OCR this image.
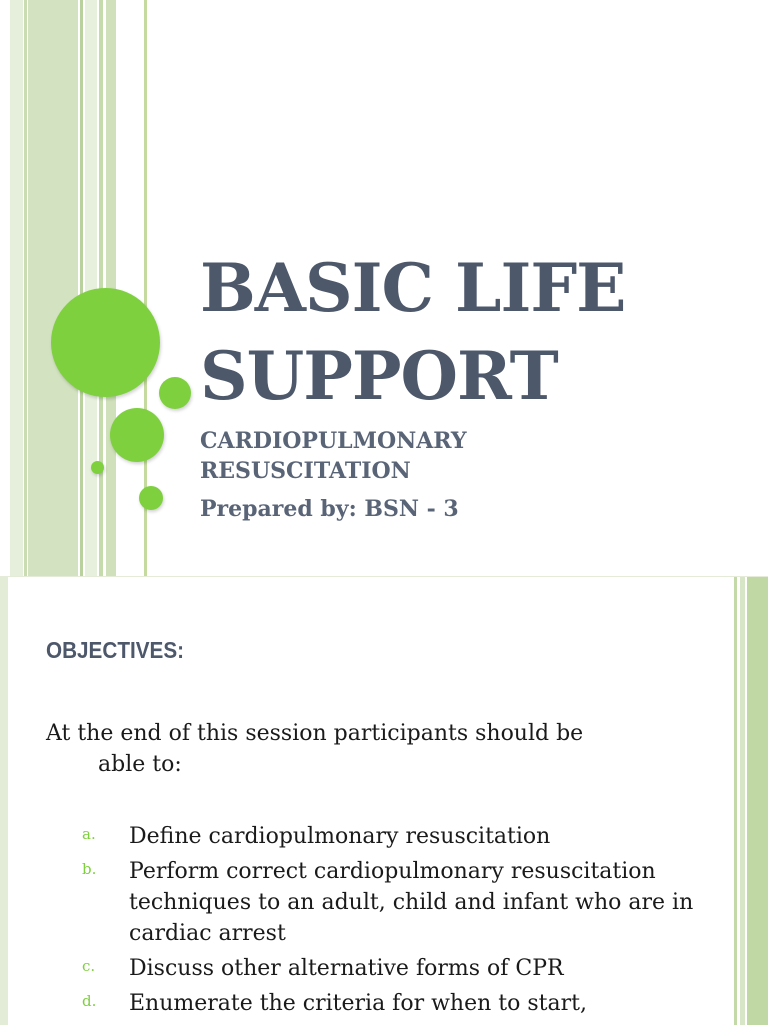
BASIC LIFE
SUPPORT

CARDIOPULMONARY
RESUSCITATION

Prepared by: BSN - 3

OBJECTIVES:

At the end of this session participants should be
able to:

a. Define cardiopulmonary resuscitation
b. Perform correct cardiopulmonary resuscitation techniques to an adult, child and infant who are in cardiac arrest
c. Discuss other alternative forms of CPR
d. Enumerate the criteria for when to start,
